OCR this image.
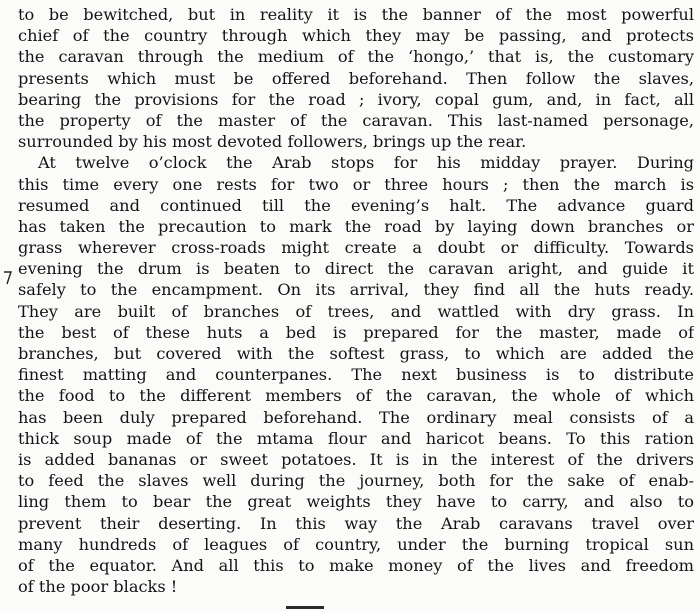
to be bewitched, but in reality it is the banner of the most powerful
chief of the country through which they may be passing, and protects
the caravan through the medium of the ‘hongo,’ that is, the customary
presents which must be offered beforehand. Then follow the slaves,
bearing the provisions for the road ; ivory, copal gum, and, in fact, all
the property of the master of the caravan. This last-named personage,
surrounded by his most devoted followers, brings up the rear.
At twelve o’clock the Arab stops for his midday prayer. During
this time every one rests for two or three hours ; then the march is
resumed and continued till the evening’s halt. The advance guard
has taken the precaution to mark the road by laying down branches or
grass wherever cross-roads might create a doubt or difficulty. Towards
evening the drum is beaten to direct the caravan aright, and guide it
safely to the encampment. On its arrival, they find all the huts ready.
They are built of branches of trees, and wattled with dry grass. In
the best of these huts a bed is prepared for the master, made of
branches, but covered with the softest grass, to which are added the
finest matting and counterpanes. The next business is to distribute
the food to the different members of the caravan, the whole of which
has been duly prepared beforehand. The ordinary meal consists of a
thick soup made of the mtama flour and haricot beans. To this ration
is added bananas or sweet potatoes. It is in the interest of the drivers
to feed the slaves well during the journey, both for the sake of enab-
ling them to bear the great weights they have to carry, and also to
prevent their deserting. In this way the Arab caravans travel over
many hundreds of leagues of country, under the burning tropical sun
of the equator. And all this to make money of the lives and freedom
of the poor blacks !
